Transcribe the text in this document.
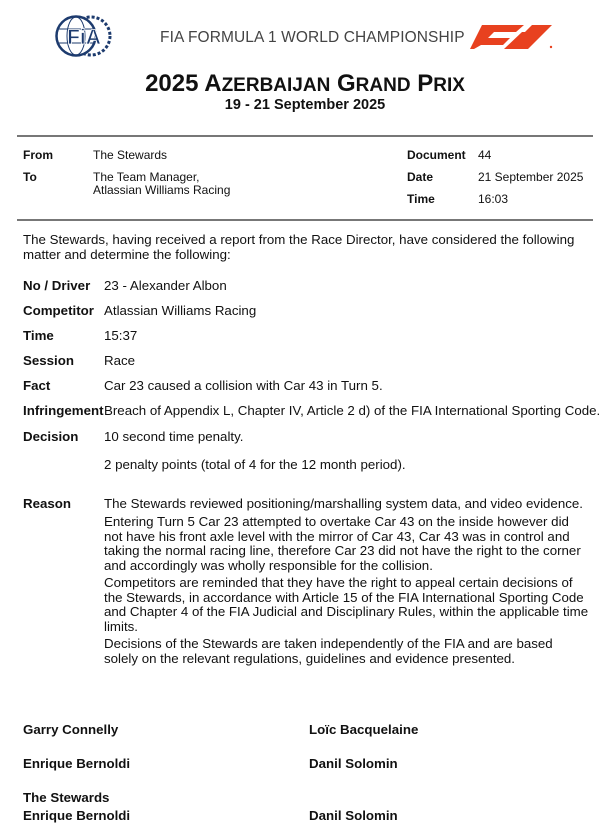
FiA	FIA FORMULA 1 WORLD CHAMPIONSHIP
2025 AZERBAIJAN GRAND PRIX
19 - 21 September 2025
From	The Stewards
To	The Team Manager,
Atlassian Williams Racing
Document 44
Date	21 September 2025
Time	16:03
The Stewards, having received a report from the Race Director, have considered the following matter and determine the following:
No / Driver 23 - Alexander Albon
Competitor Atlassian Williams Racing
Time	15:37
Session Race
Fact	Car 23 caused a collision with Car 43 in Turn 5.
Infringement Breach of Appendix L, Chapter IV, Article 2 d) of the FIA International Sporting Code.
Decision 10 second time penalty.
2 penalty points (total of 4 for the 12 month period).
Reason The Stewards reviewed positioning/marshalling system data, and video evidence.
Entering Turn 5 Car 23 attempted to overtake Car 43 on the inside however did not have his front axle level with the mirror of Car 43, Car 43 was in control and taking the normal racing line, therefore Car 23 did not have the right to the corner and accordingly was wholly responsible for the collision.
Competitors are reminded that they have the right to appeal certain decisions of the Stewards, in accordance with Article 15 of the FIA International Sporting Code and Chapter 4 of the FIA Judicial and Disciplinary Rules, within the applicable time limits.
Decisions of the Stewards are taken independently of the FIA and are based solely on the relevant regulations, guidelines and evidence presented.
Garry Connelly	Loïc Bacquelaine
Enrique Bernoldi	Danil Solomin
The Stewards
Enrique Bernoldi	Danil Solomin
